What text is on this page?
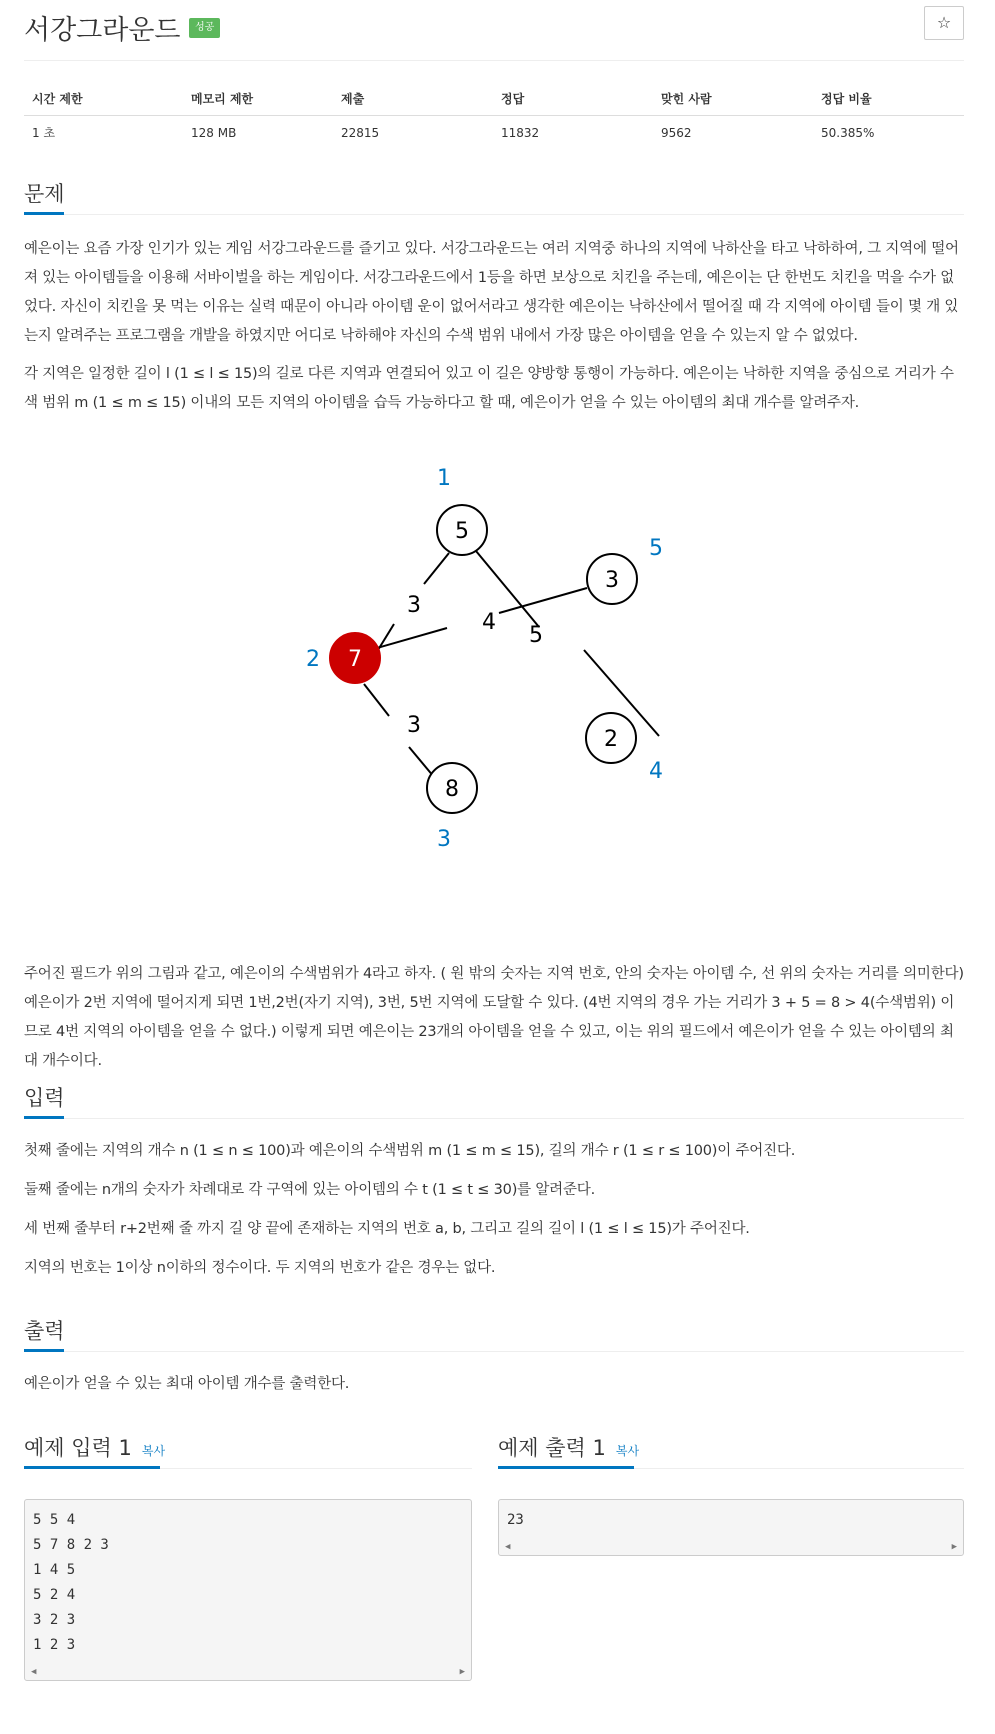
서강그라운드	성공	☆
시간 제한	메모리 제한	제출	정답	맞힌 사람	정답 비율
1 초	128 MB	22815	11832	9562	50.385%
문제

예은이는 요즘 가장 인기가 있는 게임 서강그라운드를 즐기고 있다. 서강그라운드는 여러 지역중 하나의 지역에 낙하산을 타고 낙하하여, 그 지역에 떨어져 있는 아이템들을 이용해 서바이벌을 하는 게임이다. 서강그라운드에서 1등을 하면 보상으로 치킨을 주는데, 예은이는 단 한번도 치킨을 먹을 수가 없었다. 자신이 치킨을 못 먹는 이유는 실력 때문이 아니라 아이템 운이 없어서라고 생각한 예은이는 낙하산에서 떨어질 때 각 지역에 아이템 들이 몇 개 있는지 알려주는 프로그램을 개발을 하였지만 어디로 낙하해야 자신의 수색 범위 내에서 가장 많은 아이템을 얻을 수 있는지 알 수 없었다.

각 지역은 일정한 길이 l (1 ≤ l ≤ 15)의 길로 다른 지역과 연결되어 있고 이 길은 양방향 통행이 가능하다. 예은이는 낙하한 지역을 중심으로 거리가 수색 범위 m (1 ≤ m ≤ 15) 이내의 모든 지역의 아이템을 습득 가능하다고 할 때, 예은이가 얻을 수 있는 아이템의 최대 개수를 알려주자.

5
7
8
2
3
1
2
3
4
5
3
4
5
3

주어진 필드가 위의 그림과 같고, 예은이의 수색범위가 4라고 하자. ( 원 밖의 숫자는 지역 번호, 안의 숫자는 아이템 수, 선 위의 숫자는 거리를 의미한다) 예은이가 2번 지역에 떨어지게 되면 1번,2번(자기 지역), 3번, 5번 지역에 도달할 수 있다. (4번 지역의 경우 가는 거리가 3 + 5 = 8 > 4(수색범위) 이므로 4번 지역의 아이템을 얻을 수 없다.) 이렇게 되면 예은이는 23개의 아이템을 얻을 수 있고, 이는 위의 필드에서 예은이가 얻을 수 있는 아이템의 최대 개수이다.

입력

첫째 줄에는 지역의 개수 n (1 ≤ n ≤ 100)과 예은이의 수색범위 m (1 ≤ m ≤ 15), 길의 개수 r (1 ≤ r ≤ 100)이 주어진다.

둘째 줄에는 n개의 숫자가 차례대로 각 구역에 있는 아이템의 수 t (1 ≤ t ≤ 30)를 알려준다.

세 번째 줄부터 r+2번째 줄 까지 길 양 끝에 존재하는 지역의 번호 a, b, 그리고 길의 길이 l (1 ≤ l ≤ 15)가 주어진다.

지역의 번호는 1이상 n이하의 정수이다. 두 지역의 번호가 같은 경우는 없다.

출력

예은이가 얻을 수 있는 최대 아이템 개수를 출력한다.

예제 입력 1 복사
5 5 4
5 7 8 2 3
1 4 5
5 2 4
3 2 3
1 2 3
◀	▶
예제 출력 1 복사
23
◀	▶
